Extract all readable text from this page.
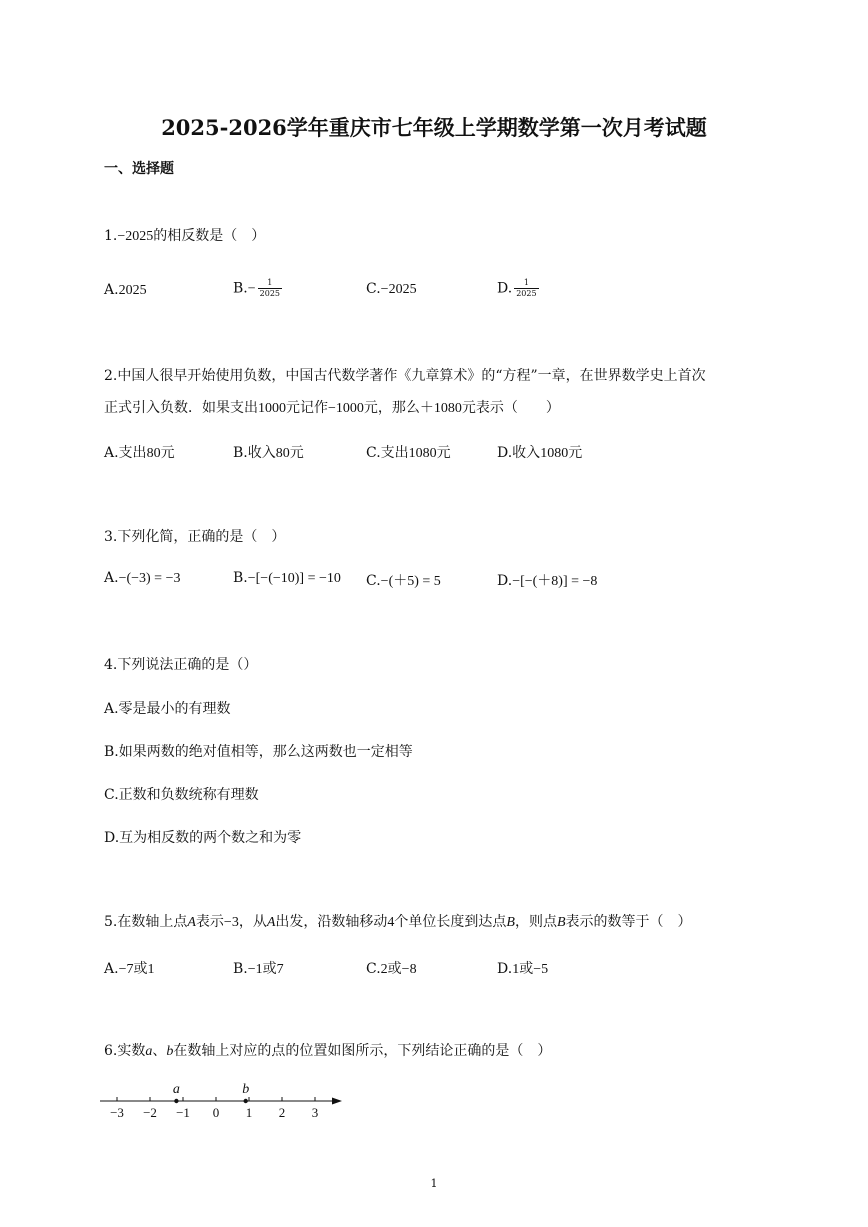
2025-2026学年重庆市七年级上学期数学第一次月考试题
一、选择题
1.−2025的相反数是（　）
A.2025	$B.- \frac{1}{2025}$	C.−2025	D. $\frac{1}{2025}$
2.中国人很早开始使用负数，中国古代数学著作《九章算术》的“方程”一章，在世界数学史上首次
正式引入负数．如果支出1000元记作−1000元，那么＋1080元表示（　　）
A.支出80元	B.收入80元	C.支出1080元	D.收入1080元
3.下列化简，正确的是（　）
A.−(−3) = −3	B.−[−(−10)] = −10 C.−(＋5) = 5	D.−[−(＋8)] = −8
4.下列说法正确的是（）
A.零是最小的有理数
B.如果两数的绝对值相等，那么这两数也一定相等
C.正数和负数统称有理数
D.互为相反数的两个数之和为零
5.在数轴上点A表示−3，从A出发，沿数轴移动4个单位长度到达点B，则点B表示的数等于（　）
A.−7或1	B.−1或7	C.2或−8	D.1或−5
6.实数a、b在数轴上对应的点的位置如图所示，下列结论正确的是（　）
−3 −2 −1 0 1 2 3
a	b
1
